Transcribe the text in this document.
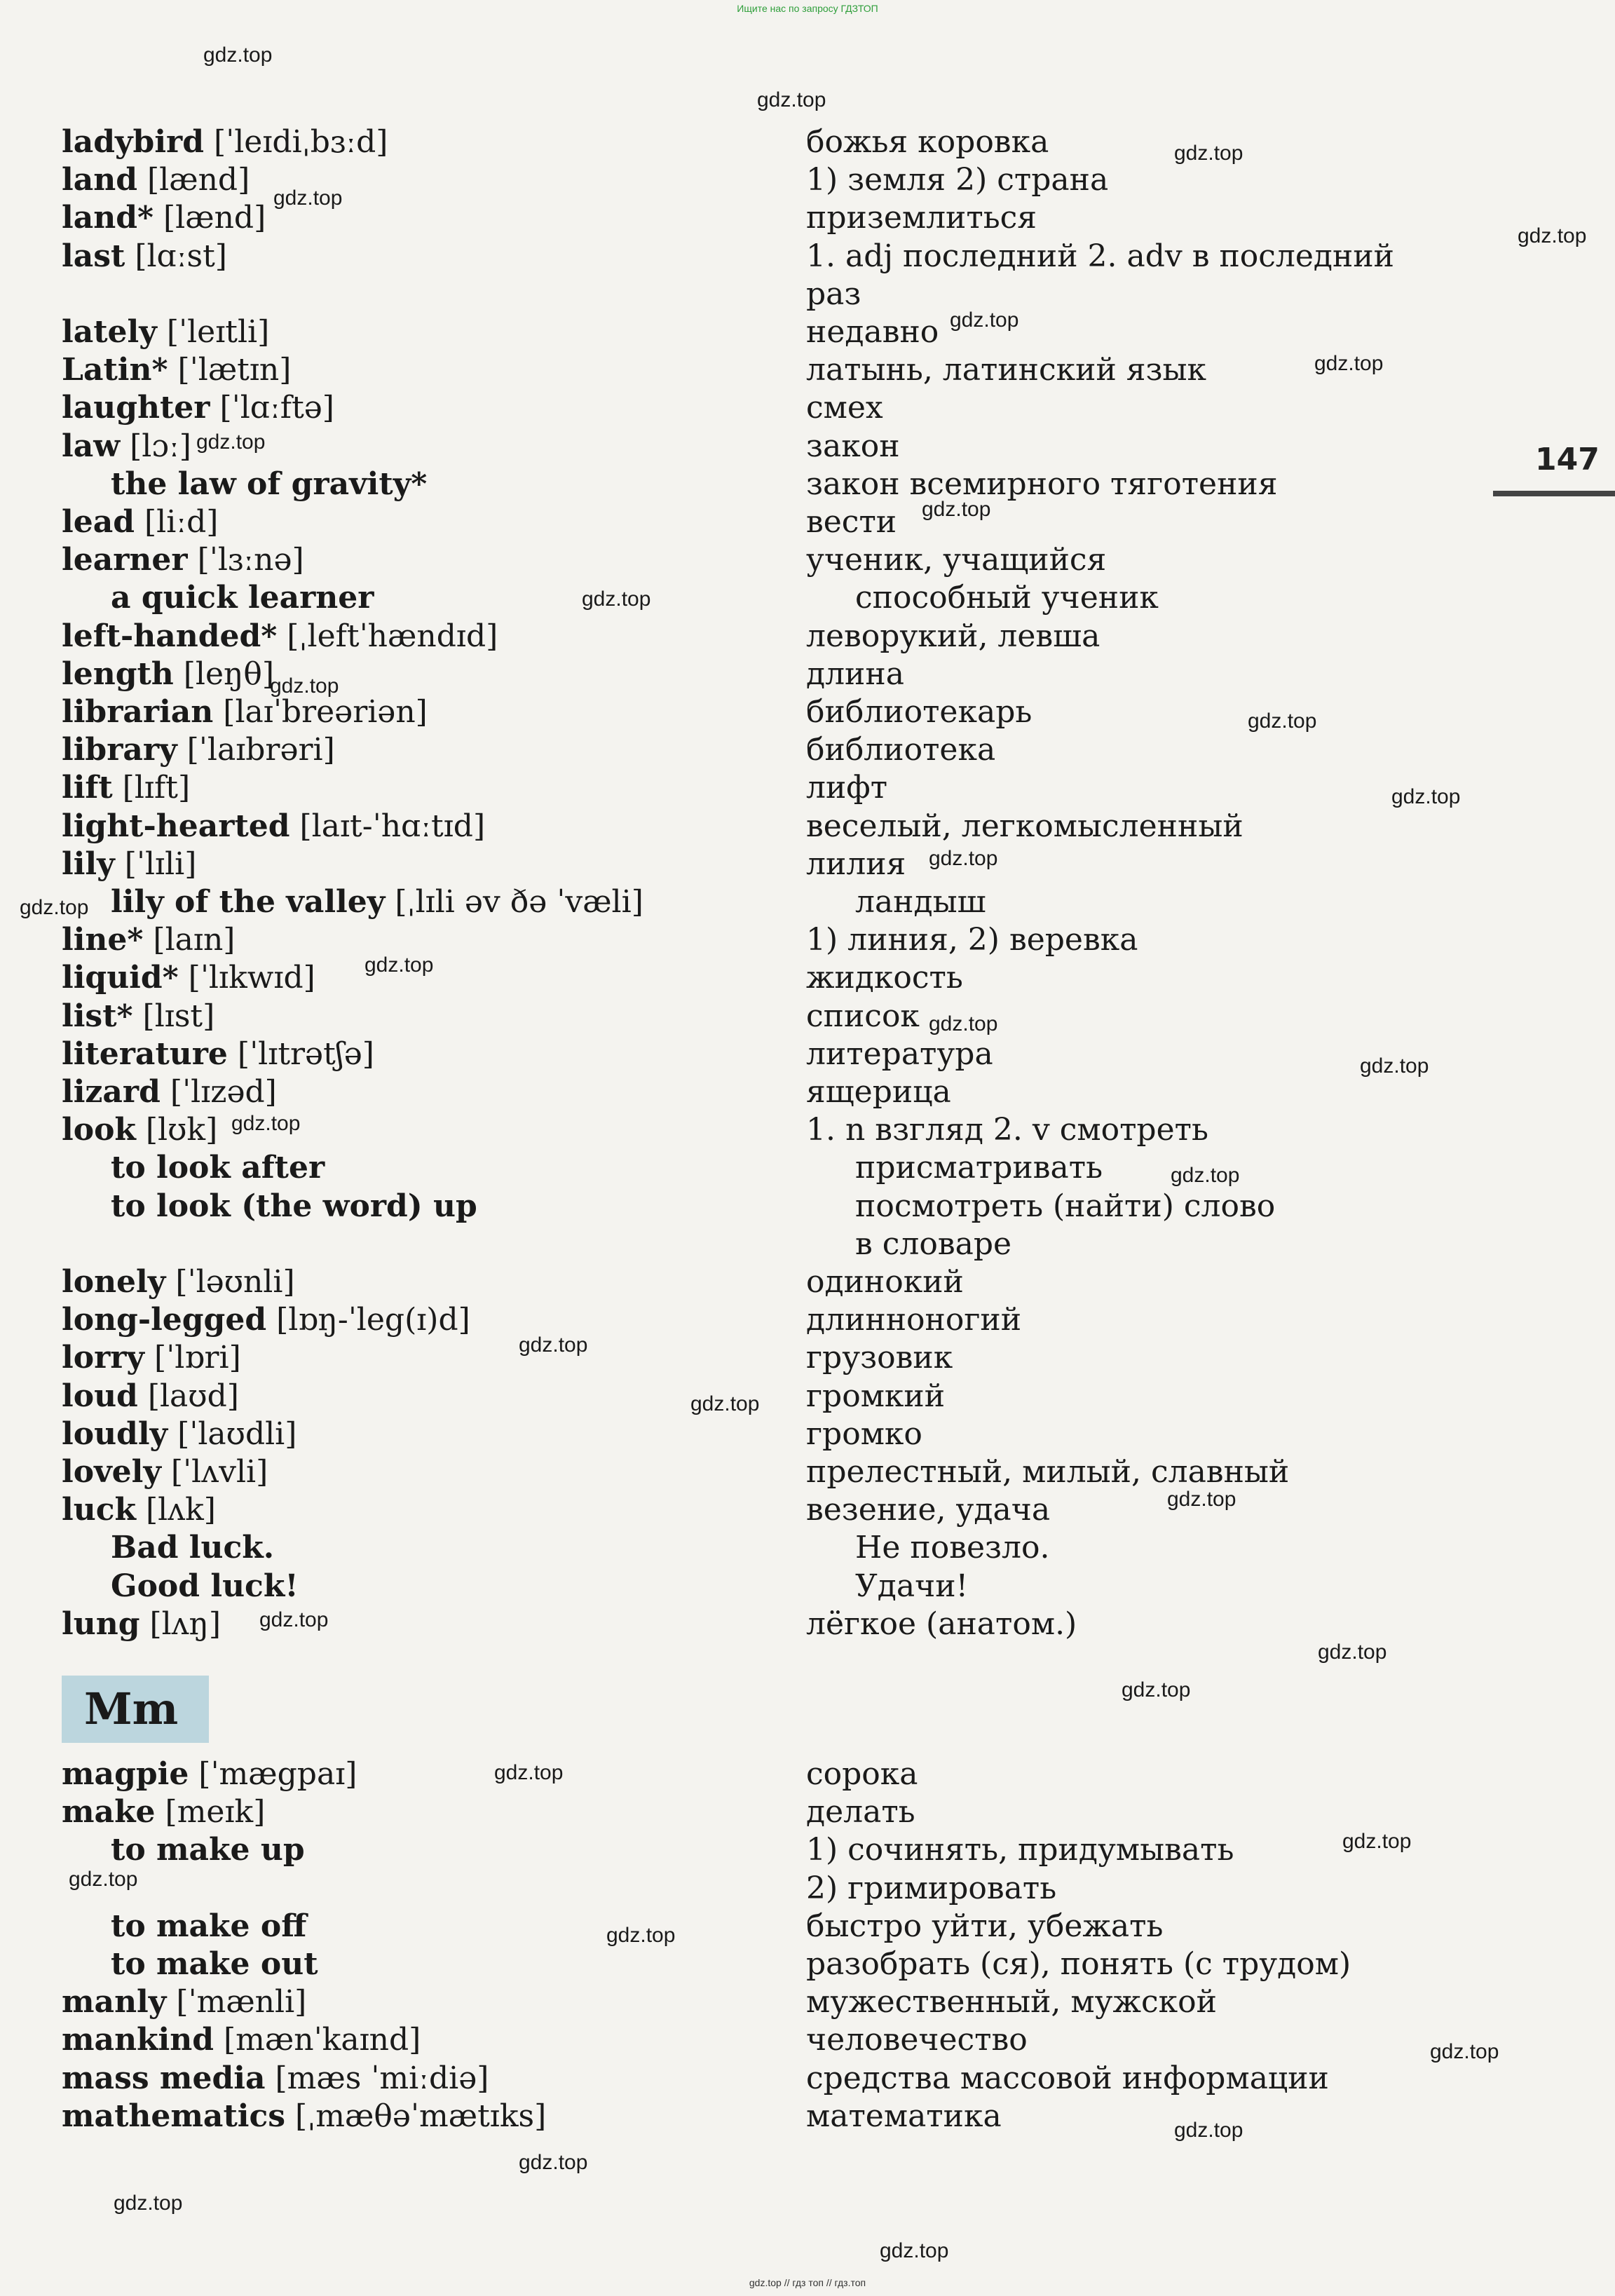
Ищите нас по запросу ГДЗТОП
147
ladybird [ˈleɪdiˌbɜːd]	божья коровка
land [lænd]	1) земля 2) страна
land* [lænd]	приземлиться
last [lɑːst]	1. adj последний 2. adv в последний
раз
lately [ˈleɪtli]	недавно
Latin* [ˈlætɪn]	латынь, латинский язык
laughter [ˈlɑːftə]	смех
law [lɔː]	закон
the law of gravity*	закон всемирного тяготения
lead [liːd]	вести
learner [ˈlɜːnə]	ученик, учащийся
a quick learner	способный ученик
left-handed* [ˌleftˈhændɪd]	леворукий, левша
length [leŋθ]	длина
librarian [laɪˈbreəriən]	библиотекарь
library [ˈlaɪbrəri]	библиотека
lift [lɪft]	лифт
light-hearted [laɪt-ˈhɑːtɪd]	веселый, легкомысленный
lily [ˈlɪli]	лилия
lily of the valley [ˌlɪli əv ðə ˈvæli]	ландыш
line* [laɪn]	1) линия, 2) веревка
liquid* [ˈlɪkwɪd]	жидкость
list* [lɪst]	список
literature [ˈlɪtrətʃə]	литература
lizard [ˈlɪzəd]	ящерица
look [lʊk]	1. n взгляд 2. v смотреть
to look after	присматривать
to look (the word) up	посмотреть (найти) слово
в словаре
lonely [ˈləʊnli]	одинокий
long-legged [lɒŋ-ˈleg(ɪ)d]	длинноногий
lorry [ˈlɒri]	грузовик
loud [laʊd]	громкий
loudly [ˈlaʊdli]	громко
lovely [ˈlʌvli]	прелестный, милый, славный
luck [lʌk]	везение, удача
Bad luck.	Не повезло.
Good luck!	Удачи!
lung [lʌŋ]	лёгкое (анатом.)
magpie [ˈmægpaɪ]	сорока
make [meɪk]	делать
to make up	1) сочинять, придумывать
2) гримировать
to make off	быстро уйти, убежать
to make out	разобрать (ся), понять (с трудом)
manly [ˈmænli]	мужественный, мужской
mankind [mænˈkaɪnd]	человечество
mass media [mæs ˈmiːdiə]	средства массовой информации
mathematics [ˌmæθəˈmætɪks]	математика
Mm
gdz.top
gdz.top
gdz.top
gdz.top
gdz.top
gdz.top
gdz.top
gdz.top
gdz.top
gdz.top
gdz.top
gdz.top
gdz.top
gdz.top
gdz.top
gdz.top
gdz.top
gdz.top
gdz.top
gdz.top
gdz.top
gdz.top
gdz.top
gdz.top
gdz.top
gdz.top
gdz.top
gdz.top
gdz.top
gdz.top
gdz.top
gdz.top
gdz.top
gdz.top
gdz.top
gdz.top // гдз топ // гдз.топ
